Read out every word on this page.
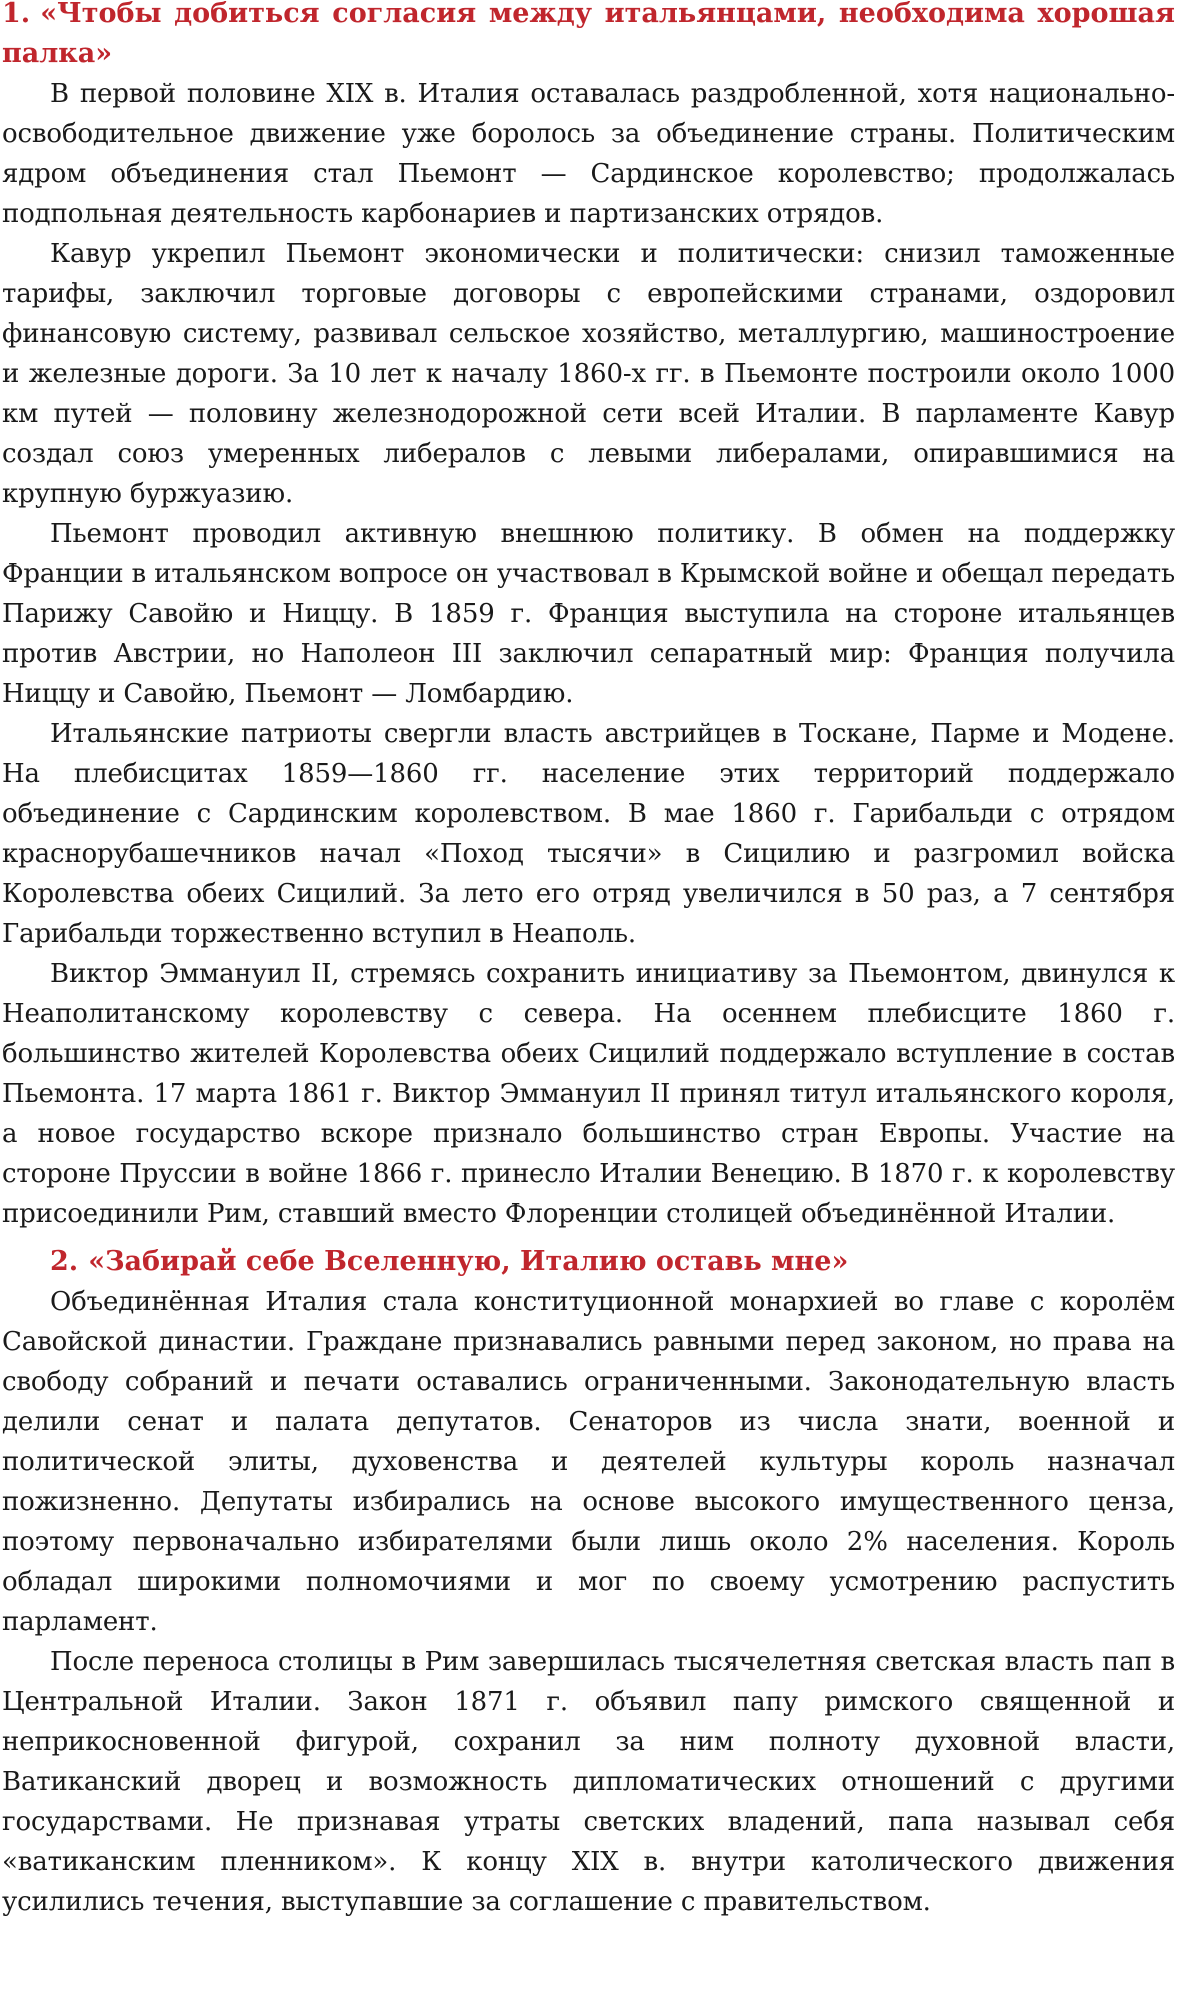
1. «Чтобы добиться согласия между итальянцами, необходима хорошая палка»

В первой половине XIX в. Италия оставалась раздробленной, хотя национально-освободительное движение уже боролось за объединение страны. Политическим ядром объединения стал Пьемонт — Сардинское королевство; продолжалась подпольная деятельность карбонариев и партизанских отрядов.

Кавур укрепил Пьемонт экономически и политически: снизил таможенные тарифы, заключил торговые договоры с европейскими странами, оздоровил финансовую систему, развивал сельское хозяйство, металлургию, машиностроение и железные дороги. За 10 лет к началу 1860-х гг. в Пьемонте построили около 1000 км путей — половину железнодорожной сети всей Италии. В парламенте Кавур создал союз умеренных либералов с левыми либералами, опиравшимися на крупную буржуазию.

Пьемонт проводил активную внешнюю политику. В обмен на поддержку Франции в итальянском вопросе он участвовал в Крымской войне и обещал передать Парижу Савойю и Ниццу. В 1859 г. Франция выступила на стороне итальянцев против Австрии, но Наполеон III заключил сепаратный мир: Франция получила Ниццу и Савойю, Пьемонт — Ломбардию.

Итальянские патриоты свергли власть австрийцев в Тоскане, Парме и Модене. На плебисцитах 1859—1860 гг. население этих территорий поддержало объединение с Сардинским королевством. В мае 1860 г. Гарибальди с отрядом краснорубашечников начал «Поход тысячи» в Сицилию и разгромил войска Королевства обеих Сицилий. За лето его отряд увеличился в 50 раз, а 7 сентября Гарибальди торжественно вступил в Неаполь.

Виктор Эммануил II, стремясь сохранить инициативу за Пьемонтом, двинулся к Неаполитанскому королевству с севера. На осеннем плебисците 1860 г. большинство жителей Королевства обеих Сицилий поддержало вступление в состав Пьемонта. 17 марта 1861 г. Виктор Эммануил II принял титул итальянского короля, а новое государство вскоре признало большинство стран Европы. Участие на стороне Пруссии в войне 1866 г. принесло Италии Венецию. В 1870 г. к королевству присоединили Рим, ставший вместо Флоренции столицей объединённой Италии.

2. «Забирай себе Вселенную, Италию оставь мне»

Объединённая Италия стала конституционной монархией во главе с королём Савойской династии. Граждане признавались равными перед законом, но права на свободу собраний и печати оставались ограниченными. Законодательную власть делили сенат и палата депутатов. Сенаторов из числа знати, военной и политической элиты, духовенства и деятелей культуры король назначал пожизненно. Депутаты избирались на основе высокого имущественного ценза, поэтому первоначально избирателями были лишь около 2% населения. Король обладал широкими полномочиями и мог по своему усмотрению распустить парламент.

После переноса столицы в Рим завершилась тысячелетняя светская власть пап в Центральной Италии. Закон 1871 г. объявил папу римского священной и неприкосновенной фигурой, сохранил за ним полноту духовной власти, Ватиканский дворец и возможность дипломатических отношений с другими государствами. Не признавая утраты светских владений, папа называл себя «ватиканским пленником». К концу XIX в. внутри католического движения усилились течения, выступавшие за соглашение с правительством.
